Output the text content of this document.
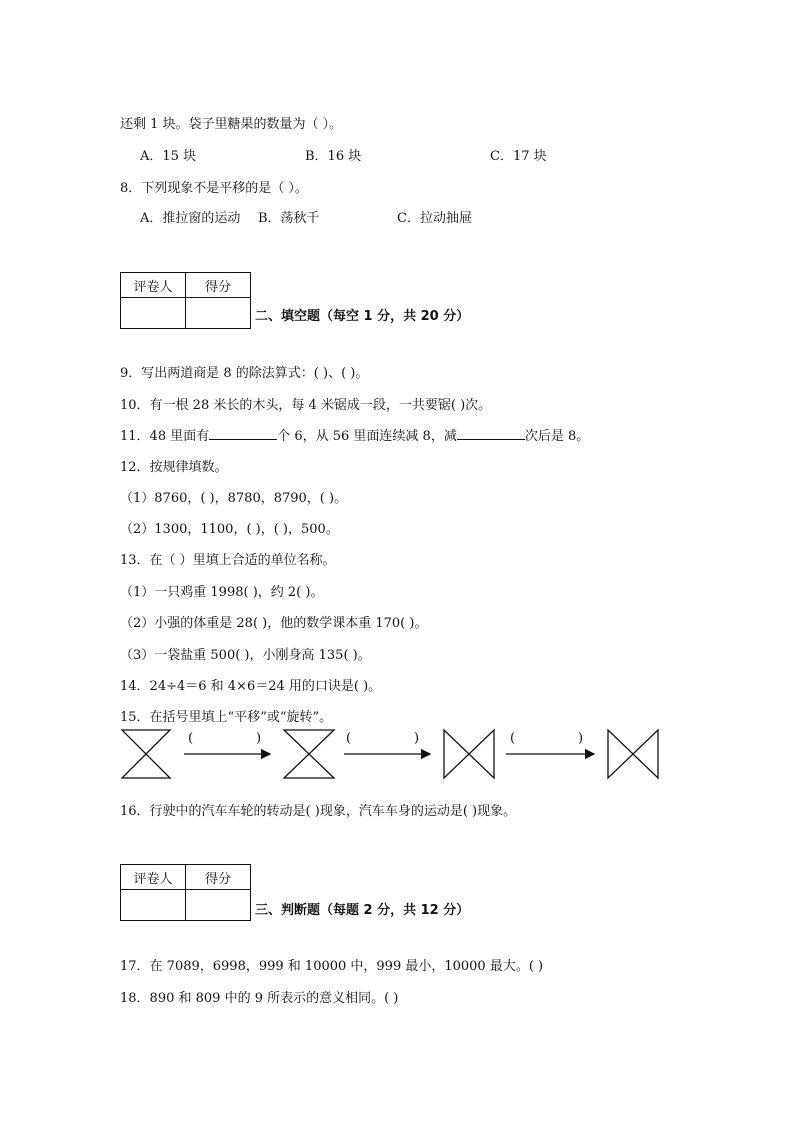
还剩 1 块。袋子里糖果的数量为（ ）。
A．15 块	B．16 块	C．17 块
8．下列现象不是平移的是（ ）。
A．推拉窗的运动 B．荡秋千	C．拉动抽屉
评卷人	得分

二、填空题（每空 1 分，共 20 分）
9．写出两道商是 8 的除法算式：( )、( )。
10．有一根 28 米长的木头，每 4 米锯成一段，一共要锯( )次。
11．48 里面有	个 6，从 56 里面连续减 8，减	次后是 8。
12．按规律填数。
（1）8760，( )，8780，8790，( )。
（2）1300，1100，( )，( )，500。
13．在（ ）里填上合适的单位名称。
（1）一只鸡重 1998( )，约 2( )。
（2）小强的体重是 28( )，他的数学课本重 170( )。
（3）一袋盐重 500( )，小刚身高 135( )。
14．24÷4＝6 和 4×6＝24 用的口诀是( )。
15．在括号里填上“平移”或“旋转”。
(	)	(	)	(	)
16．行驶中的汽车车轮的转动是( )现象，汽车车身的运动是( )现象。
评卷人	得分

三、判断题（每题 2 分，共 12 分）
17．在 7089，6998，999 和 10000 中，999 最小，10000 最大。( )
18．890 和 809 中的 9 所表示的意义相同。( )
